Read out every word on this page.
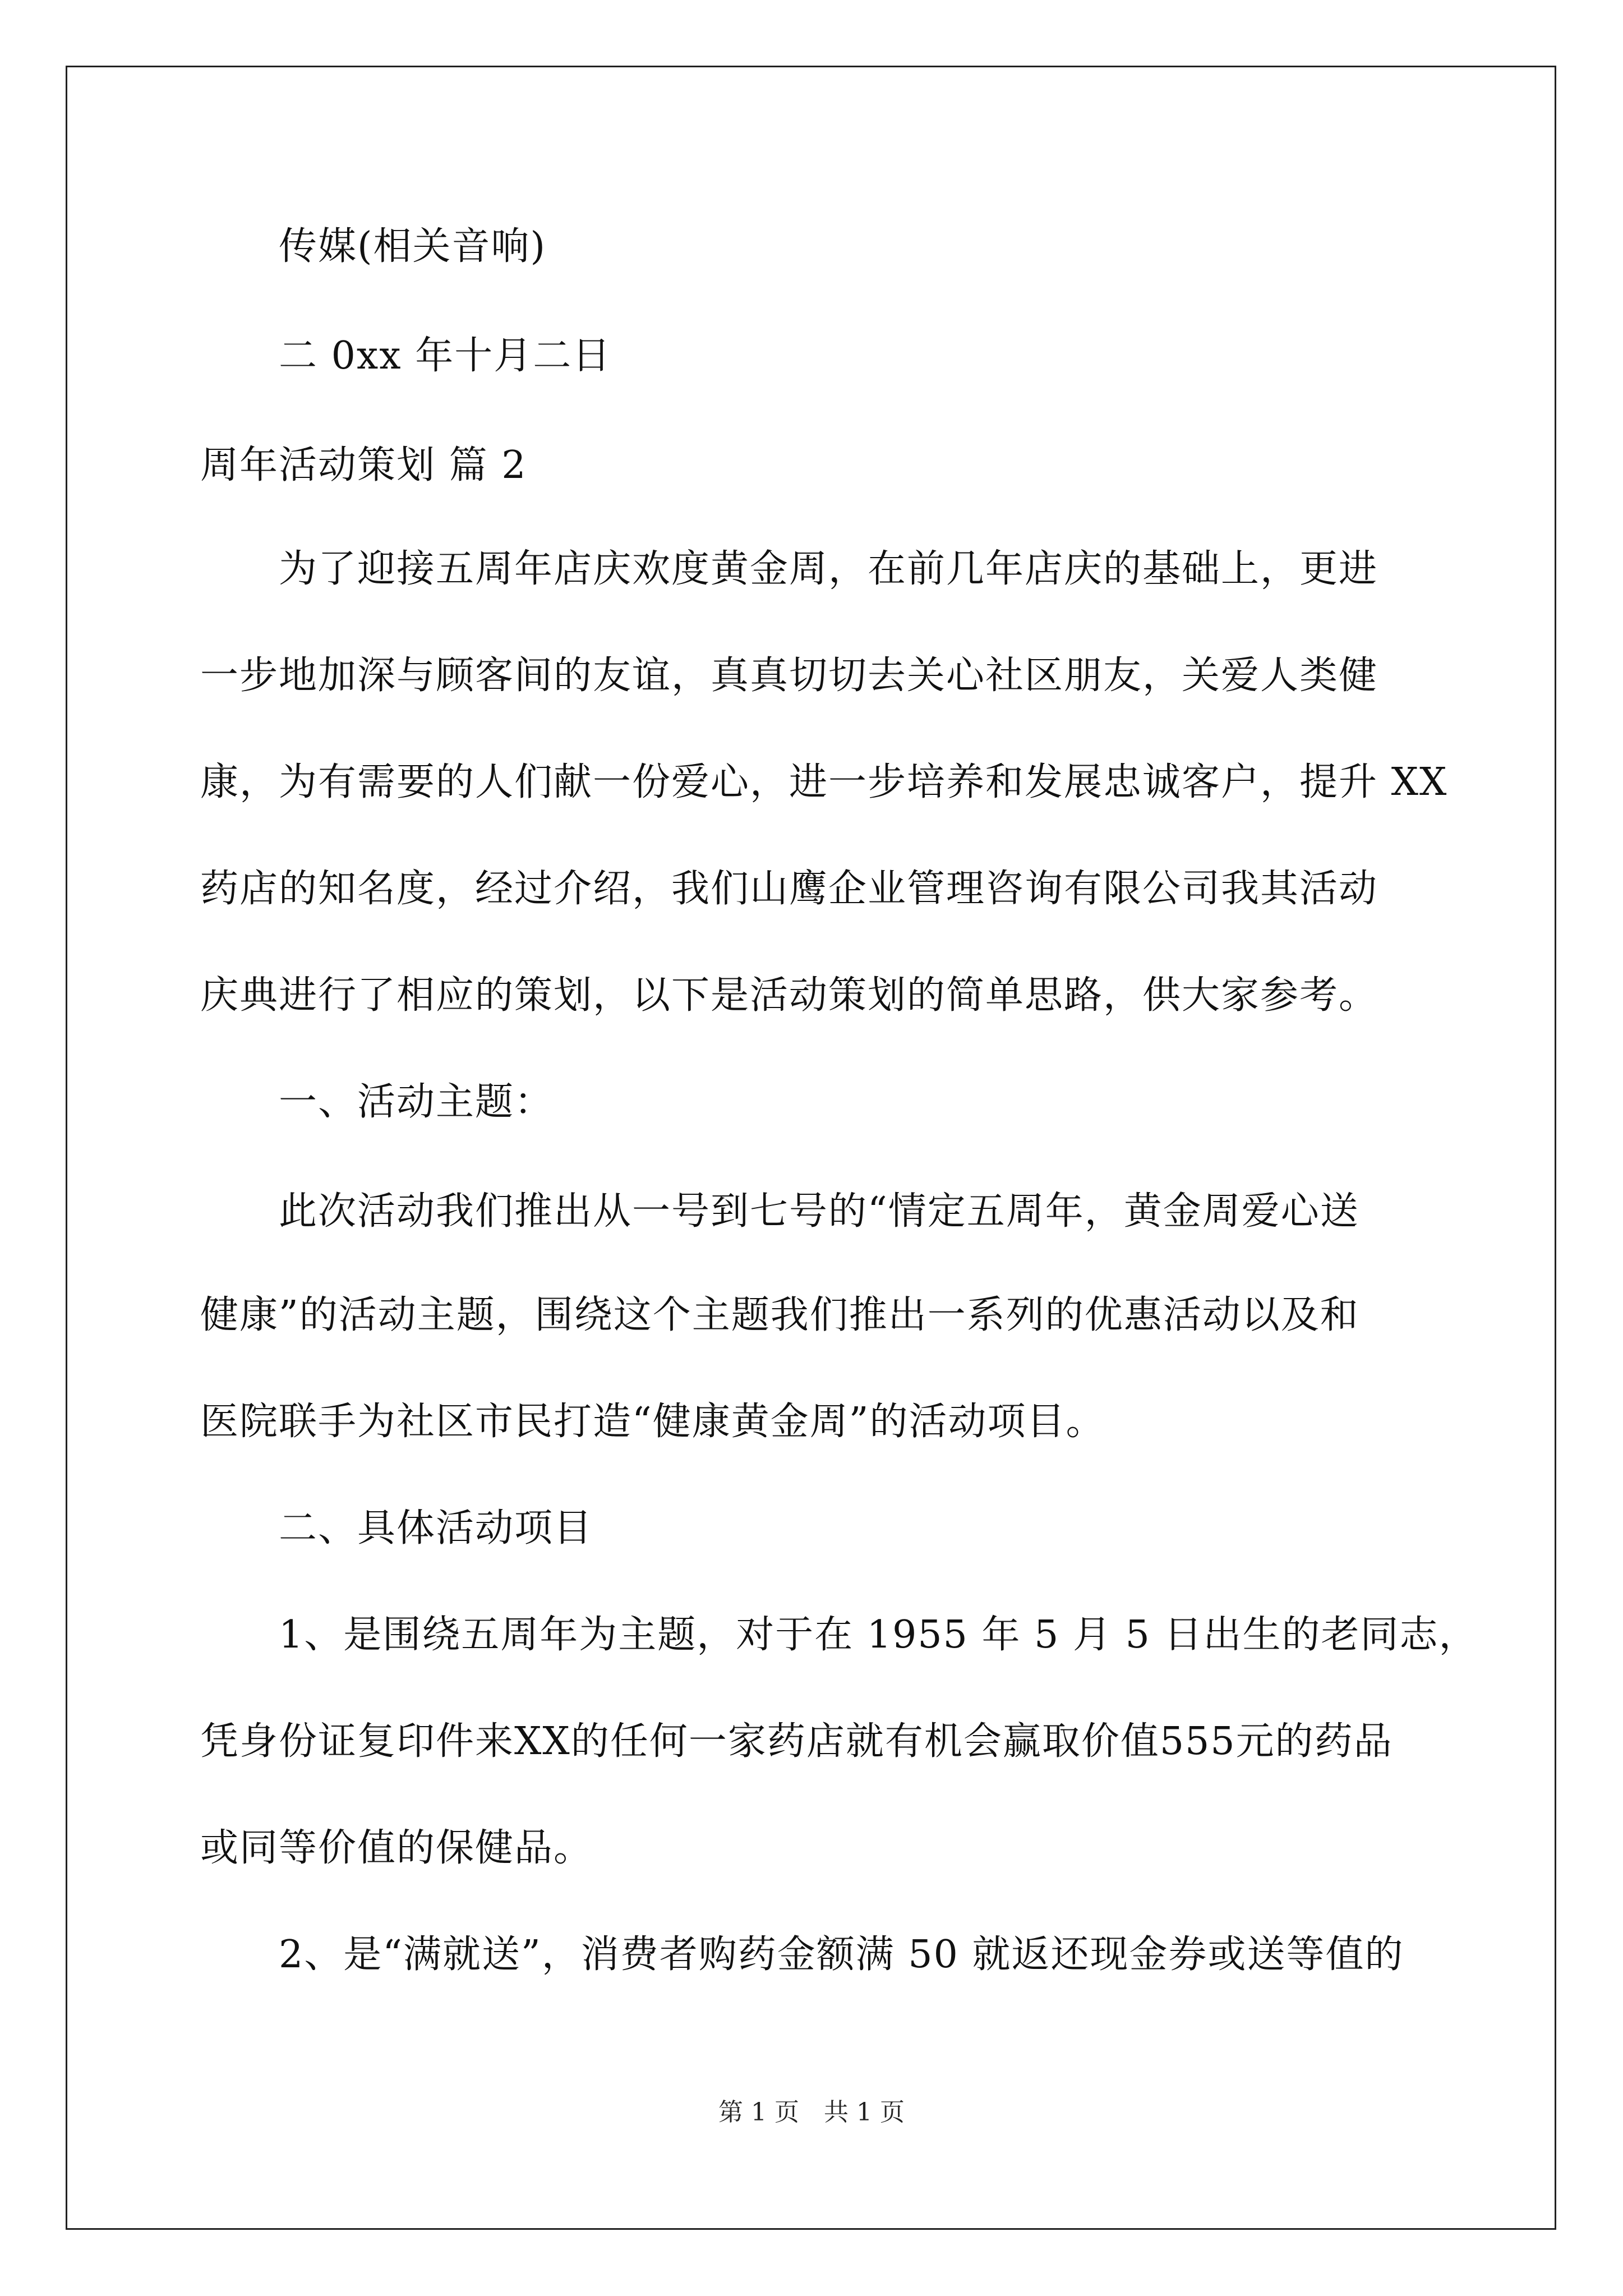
传媒(相关音响)
二 0xx 年十月二日
周年活动策划 篇 2
为了迎接五周年店庆欢度黄金周，在前几年店庆的基础上，更进
一步地加深与顾客间的友谊，真真切切去关心社区朋友，关爱人类健
康，为有需要的人们献一份爱心，进一步培养和发展忠诚客户，提升 XX
药店的知名度，经过介绍，我们山鹰企业管理咨询有限公司我其活动
庆典进行了相应的策划，以下是活动策划的简单思路，供大家参考。
一、活动主题：
此次活动我们推出从一号到七号的“情定五周年，黄金周爱心送
健康”的活动主题，围绕这个主题我们推出一系列的优惠活动以及和
医院联手为社区市民打造“健康黄金周”的活动项目。
二、具体活动项目
1、是围绕五周年为主题，对于在 1955 年 5 月 5 日出生的老同志，
凭身份证复印件来XX的任何一家药店就有机会赢取价值555元的药品
或同等价值的保健品。
2、是“满就送”，消费者购药金额满 50 就返还现金券或送等值的
第 1 页　共 1 页
